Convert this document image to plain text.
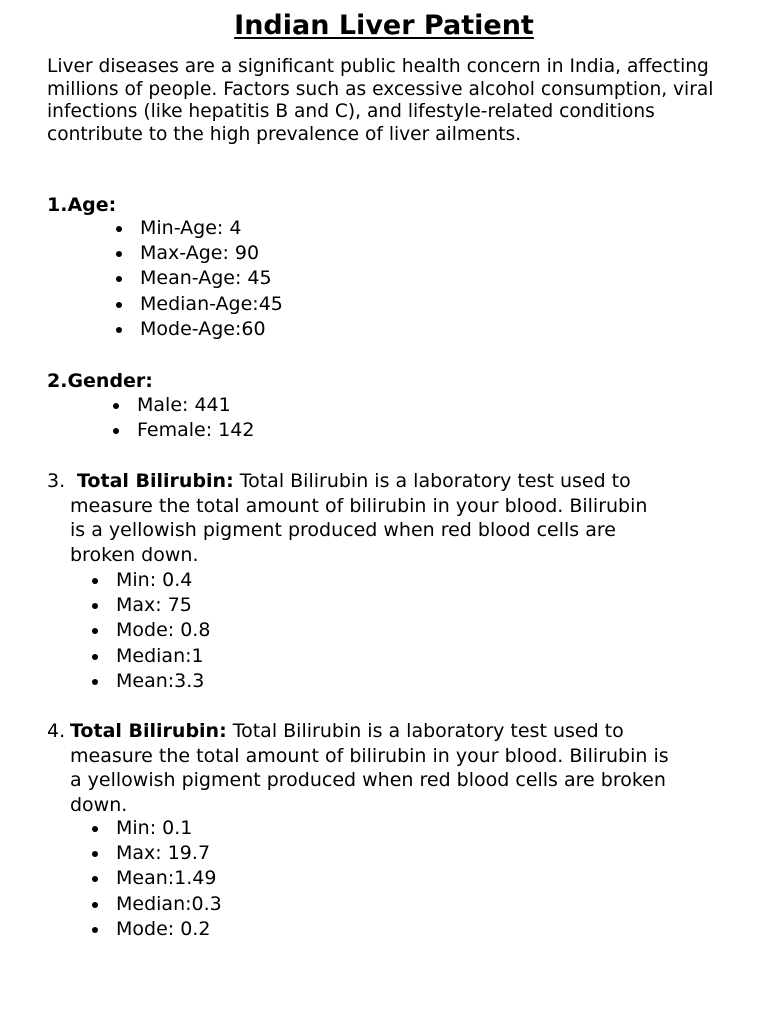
Indian Liver Patient

Liver diseases are a significant public health concern in India, affecting millions of people. Factors such as excessive alcohol consumption, viral infections (like hepatitis B and C), and lifestyle-related conditions contribute to the high prevalence of liver ailments.

1.Age:
Min-Age: 4
Max-Age: 90
Mean-Age: 45
Median-Age:45
Mode-Age:60
2.Gender:
Male: 441
Female: 142
3. Total Bilirubin: Total Bilirubin is a laboratory test used to
measure the total amount of bilirubin in your blood. Bilirubin
is a yellowish pigment produced when red blood cells are
broken down.
Min: 0.4
Max: 75
Mode: 0.8
Median:1
Mean:3.3
4. Total Bilirubin: Total Bilirubin is a laboratory test used to
measure the total amount of bilirubin in your blood. Bilirubin is
a yellowish pigment produced when red blood cells are broken
down.
Min: 0.1
Max: 19.7
Mean:1.49
Median:0.3
Mode: 0.2
